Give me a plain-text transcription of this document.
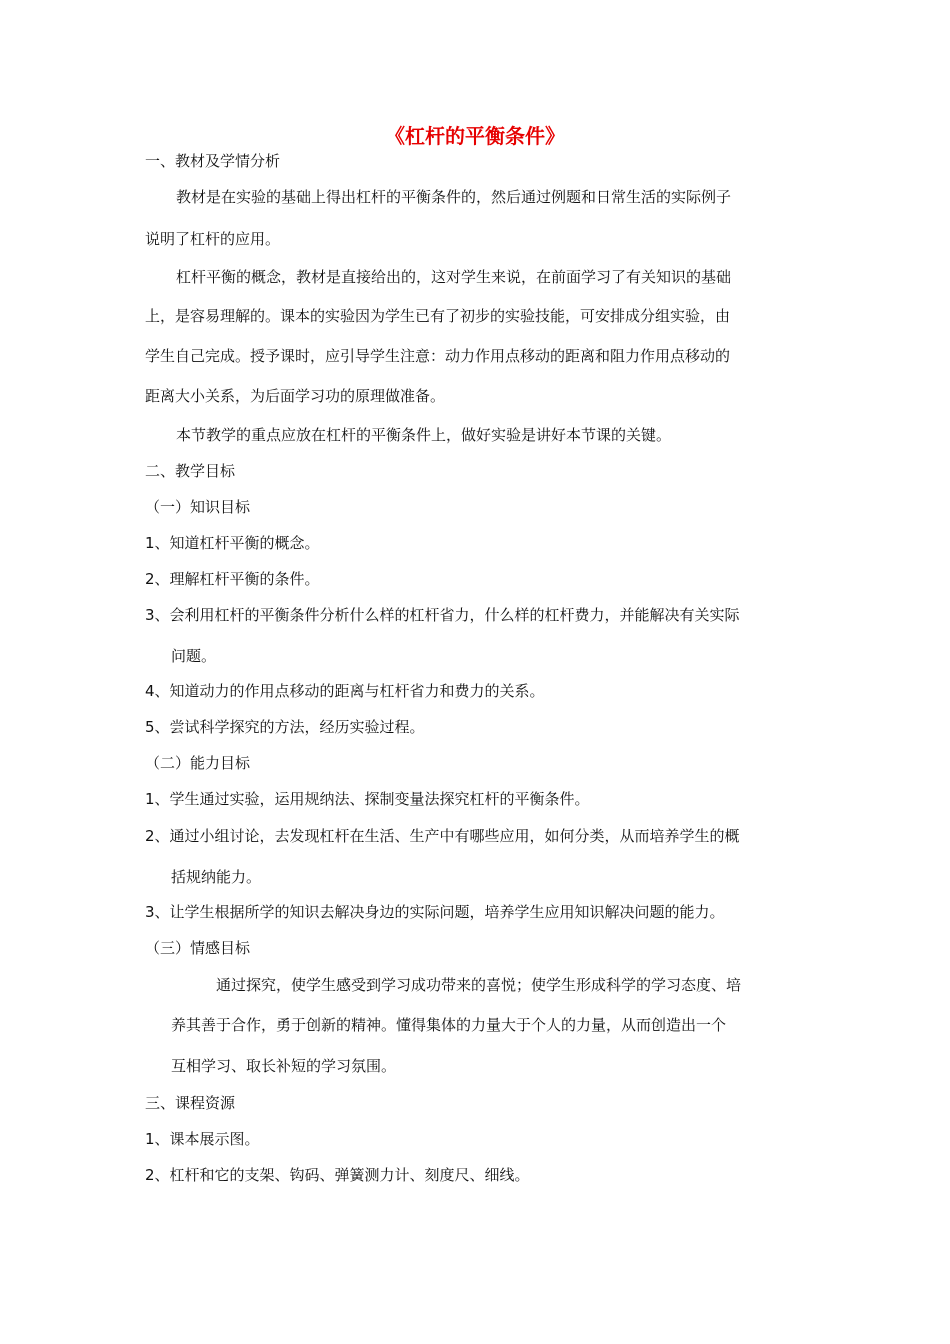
《杠杆的平衡条件》
一、教材及学情分析
教材是在实验的基础上得出杠杆的平衡条件的，然后通过例题和日常生活的实际例子
说明了杠杆的应用。
杠杆平衡的概念，教材是直接给出的，这对学生来说，在前面学习了有关知识的基础
上，是容易理解的。课本的实验因为学生已有了初步的实验技能，可安排成分组实验，由
学生自己完成。授予课时，应引导学生注意：动力作用点移动的距离和阻力作用点移动的
距离大小关系，为后面学习功的原理做准备。
本节教学的重点应放在杠杆的平衡条件上，做好实验是讲好本节课的关键。
二、教学目标
（一）知识目标
1、知道杠杆平衡的概念。
2、理解杠杆平衡的条件。
3、会利用杠杆的平衡条件分析什么样的杠杆省力，什么样的杠杆费力，并能解决有关实际
问题。
4、知道动力的作用点移动的距离与杠杆省力和费力的关系。
5、尝试科学探究的方法，经历实验过程。
（二）能力目标
1、学生通过实验，运用规纳法、探制变量法探究杠杆的平衡条件。
2、通过小组讨论，去发现杠杆在生活、生产中有哪些应用，如何分类，从而培养学生的概
括规纳能力。
3、让学生根据所学的知识去解决身边的实际问题，培养学生应用知识解决问题的能力。
（三）情感目标
通过探究，使学生感受到学习成功带来的喜悦；使学生形成科学的学习态度、培
养其善于合作，勇于创新的精神。懂得集体的力量大于个人的力量，从而创造出一个
互相学习、取长补短的学习氛围。
三、课程资源
1、课本展示图。
2、杠杆和它的支架、钩码、弹簧测力计、刻度尺、细线。
